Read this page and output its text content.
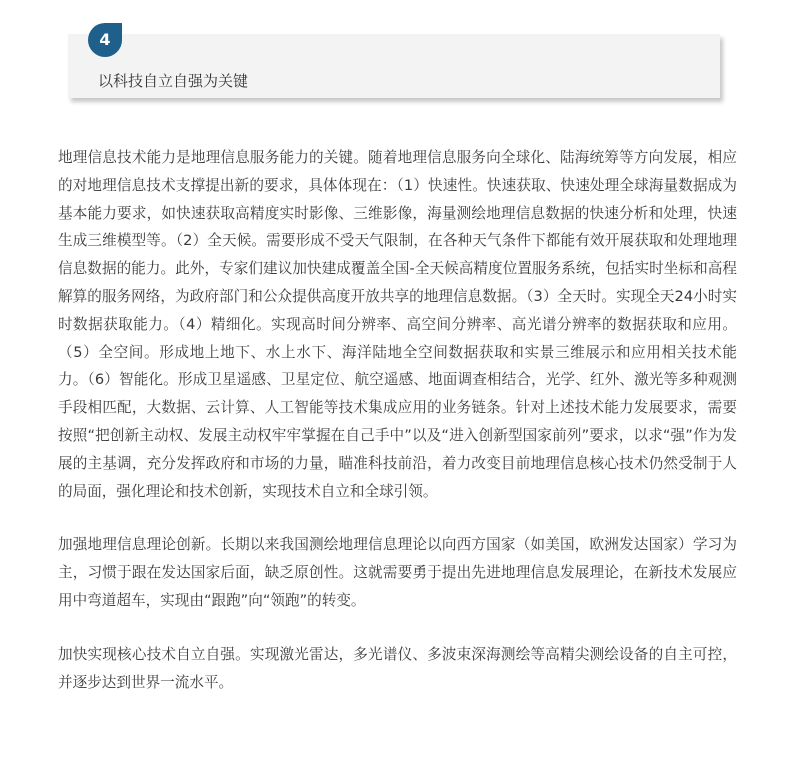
4
以科技自立自强为关键

地理信息技术能力是地理信息服务能力的关键。随着地理信息服务向全球化、陆海统筹等方向发展，相应的对地理信息技术支撑提出新的要求，具体体现在：（1）快速性。快速获取、快速处理全球海量数据成为基本能力要求，如快速获取高精度实时影像、三维影像，海量测绘地理信息数据的快速分析和处理，快速生成三维模型等。（2）全天候。需要形成不受天气限制，在各种天气条件下都能有效开展获取和处理地理信息数据的能力。此外，专家们建议加快建成覆盖全国-全天候高精度位置服务系统，包括实时坐标和高程解算的服务网络，为政府部门和公众提供高度开放共享的地理信息数据。（3）全天时。实现全天24小时实时数据获取能力。（4）精细化。实现高时间分辨率、高空间分辨率、高光谱分辨率的数据获取和应用。（5）全空间。形成地上地下、水上水下、海洋陆地全空间数据获取和实景三维展示和应用相关技术能力。（6）智能化。形成卫星遥感、卫星定位、航空遥感、地面调查相结合，光学、红外、激光等多种观测手段相匹配，大数据、云计算、人工智能等技术集成应用的业务链条。针对上述技术能力发展要求，需要按照“把创新主动权、发展主动权牢牢掌握在自己手中”以及“进入创新型国家前列”要求，以求“强”作为发展的主基调，充分发挥政府和市场的力量，瞄准科技前沿，着力改变目前地理信息核心技术仍然受制于人的局面，强化理论和技术创新，实现技术自立和全球引领。

加强地理信息理论创新。长期以来我国测绘地理信息理论以向西方国家（如美国，欧洲发达国家）学习为主，习惯于跟在发达国家后面，缺乏原创性。这就需要勇于提出先进地理信息发展理论，在新技术发展应用中弯道超车，实现由“跟跑”向“领跑”的转变。

加快实现核心技术自立自强。实现激光雷达，多光谱仪、多波束深海测绘等高精尖测绘设备的自主可控，并逐步达到世界一流水平。
